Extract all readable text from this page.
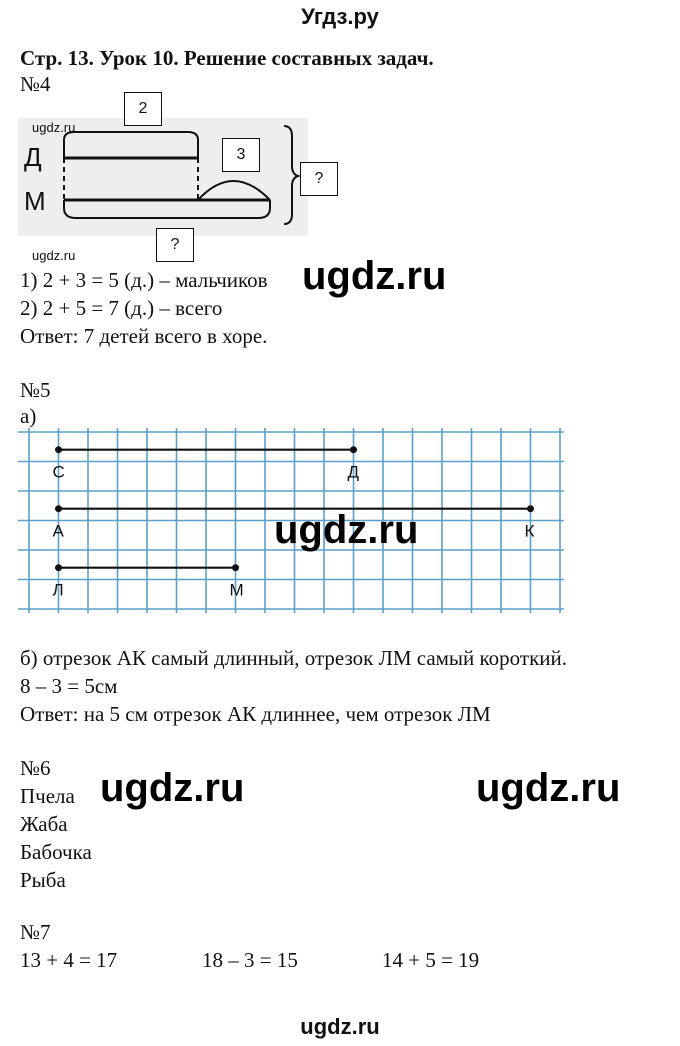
Угдз.ру
Стр. 13. Урок 10. Решение составных задач.
№4
Д
М
ugdz.ru
2
3
?
?
ugdz.ru
1) 2 + 3 = 5 (д.) – мальчиков ugdz.ru
2) 2 + 5 = 7 (д.) – всего
Ответ: 7 детей всего в хоре.
№5
а)
С	Д
А	К
Л	М
ugdz.ru
б) отрезок АК самый длинный, отрезок ЛМ самый короткий.
8 – 3 = 5см
Ответ: на 5 см отрезок АК длиннее, чем отрезок ЛМ
№6
Пчела
Жаба
Бабочка
Рыба
ugdz.ru	ugdz.ru
№7
13 + 4 = 17	18 – 3 = 15	14 + 5 = 19
ugdz.ru
